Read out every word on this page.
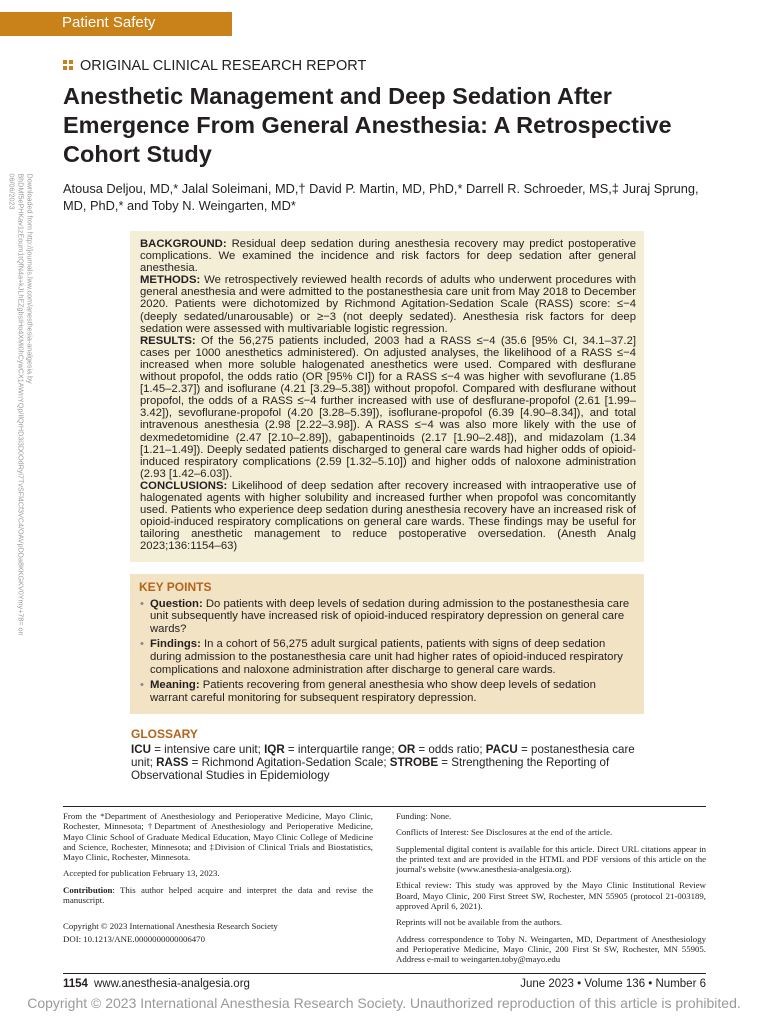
Patient Safety
ORIGINAL CLINICAL RESEARCH REPORT
Anesthetic Management and Deep Sedation After Emergence From General Anesthesia: A Retrospective Cohort Study
Atousa Deljou, MD,* Jalal Soleimani, MD,† David P. Martin, MD, PhD,* Darrell R. Schroeder, MS,‡ Juraj Sprung, MD, PhD,* and Toby N. Weingarten, MD*
Downloaded from http://journals.lww.com/anesthesia-analgesia by BhDMf5ePHKav1zEoum1tQfN4a+kJLhEZgbsIHo4XMi0hCywCX1AWnYQp/IlQrHD3i3D0OdRyi7TvSFl4Cf3VC4/OAVpDDa8KKGKV0Ymy+78= on 06/06/2023

BACKGROUND: Residual deep sedation during anesthesia recovery may predict postoperative complications. We examined the incidence and risk factors for deep sedation after general anesthesia.

METHODS: We retrospectively reviewed health records of adults who underwent procedures with general anesthesia and were admitted to the postanesthesia care unit from May 2018 to December 2020. Patients were dichotomized by Richmond Agitation-Sedation Scale (RASS) score: ≤−4 (deeply sedated/unarousable) or ≥−3 (not deeply sedated). Anesthesia risk factors for deep sedation were assessed with multivariable logistic regression.

RESULTS: Of the 56,275 patients included, 2003 had a RASS ≤−4 (35.6 [95% CI, 34.1–37.2] cases per 1000 anesthetics administered). On adjusted analyses, the likelihood of a RASS ≤−4 increased when more soluble halogenated anesthetics were used. Compared with desflurane without propofol, the odds ratio (OR [95% CI]) for a RASS ≤−4 was higher with sevoflurane (1.85 [1.45–2.37]) and isoflurane (4.21 [3.29–5.38]) without propofol. Compared with desflurane without propofol, the odds of a RASS ≤−4 further increased with use of desflurane-propofol (2.61 [1.99–3.42]), sevoflurane-propofol (4.20 [3.28–5.39]), isoflurane-propofol (6.39 [4.90–8.34]), and total intravenous anesthesia (2.98 [2.22–3.98]). A RASS ≤−4 was also more likely with the use of dexmedetomidine (2.47 [2.10–2.89]), gabapentinoids (2.17 [1.90–2.48]), and midazolam (1.34 [1.21–1.49]). Deeply sedated patients discharged to general care wards had higher odds of opioid-induced respiratory complications (2.59 [1.32–5.10]) and higher odds of naloxone administration (2.93 [1.42–6.03]).

CONCLUSIONS: Likelihood of deep sedation after recovery increased with intraoperative use of halogenated agents with higher solubility and increased further when propofol was concomitantly used. Patients who experience deep sedation during anesthesia recovery have an increased risk of opioid-induced respiratory complications on general care wards. These findings may be useful for tailoring anesthetic management to reduce postoperative oversedation. (Anesth Analg 2023;136:1154–63)

KEY POINTS
• Question: Do patients with deep levels of sedation during admission to the postanesthesia care unit subsequently have increased risk of opioid-induced respiratory depression on general care wards?
• Findings: In a cohort of 56,275 adult surgical patients, patients with signs of deep sedation during admission to the postanesthesia care unit had higher rates of opioid-induced respiratory complications and naloxone administration after discharge to general care wards.
• Meaning: Patients recovering from general anesthesia who show deep levels of sedation warrant careful monitoring for subsequent respiratory depression.
GLOSSARY
ICU = intensive care unit; IQR = interquartile range; OR = odds ratio; PACU = postanesthesia care unit; RASS = Richmond Agitation-Sedation Scale; STROBE = Strengthening the Reporting of Observational Studies in Epidemiology

From the *Department of Anesthesiology and Perioperative Medicine, Mayo Clinic, Rochester, Minnesota; †Department of Anesthesiology and Perioperative Medicine, Mayo Clinic School of Graduate Medical Education, Mayo Clinic College of Medicine and Science, Rochester, Minnesota; and ‡Division of Clinical Trials and Biostatistics, Mayo Clinic, Rochester, Minnesota.

Accepted for publication February 13, 2023.

Contribution: This author helped acquire and interpret the data and revise the manuscript.

Copyright © 2023 International Anesthesia Research Society

DOI: 10.1213/ANE.0000000000006470

Funding: None.

Conflicts of Interest: See Disclosures at the end of the article.

Supplemental digital content is available for this article. Direct URL citations appear in the printed text and are provided in the HTML and PDF versions of this article on the journal's website (www.anesthesia-analgesia.org).

Ethical review: This study was approved by the Mayo Clinic Institutional Review Board, Mayo Clinic, 200 First Street SW, Rochester, MN 55905 (protocol 21-003189, approved April 6, 2021).

Reprints will not be available from the authors.

Address correspondence to Toby N. Weingarten, MD, Department of Anesthesiology and Perioperative Medicine, Mayo Clinic, 200 First St SW, Rochester, MN 55905. Address e-mail to weingarten.toby@mayo.edu

1154 www.anesthesia-analgesia.org	June 2023 • Volume 136 • Number 6
Copyright © 2023 International Anesthesia Research Society. Unauthorized reproduction of this article is prohibited.
